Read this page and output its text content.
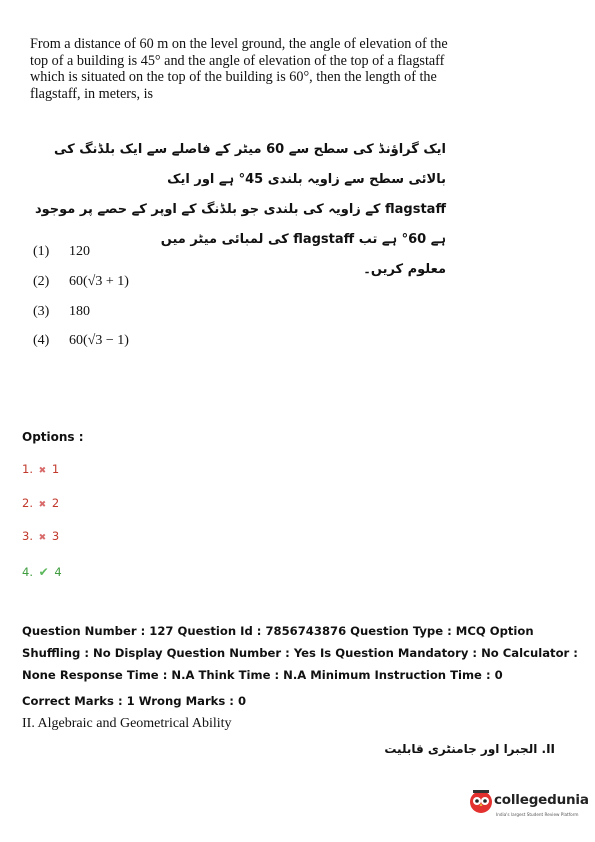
From a distance of 60 m on the level ground, the angle of elevation of the top of a building is 45° and the angle of elevation of the top of a flagstaff which is situated on the top of the building is 60°, then the length of the flagstaff, in meters, is
ایک گراؤنڈ کی سطح سے 60 میٹر کے فاصلے سے ایک بلڈنگ کی بالائی سطح سے زاویہ بلندی 45° ہے اور ایک
flagstaff کے زاویہ کی بلندی جو بلڈنگ کے اوپر کے حصے پر موجود ہے 60° ہے تب flagstaff کی لمبائی میٹر میں
معلوم کریں۔
(1) 120
(2) 60(√3 + 1)
(3) 180
(4) 60(√3 − 1)
Options :
1. ✖ 1
2. ✖ 2
3. ✖ 3
4. ✔ 4
Question Number : 127 Question Id : 7856743876 Question Type : MCQ Option Shuffling : No Display Question Number : Yes Is Question Mandatory : No Calculator : None Response Time : N.A Think Time : N.A Minimum Instruction Time : 0
Correct Marks : 1 Wrong Marks : 0
II. Algebraic and Geometrical Ability
II. الجبرا اور جامنٹری قابلیت
collegedunia
India's largest Student Review Platform
